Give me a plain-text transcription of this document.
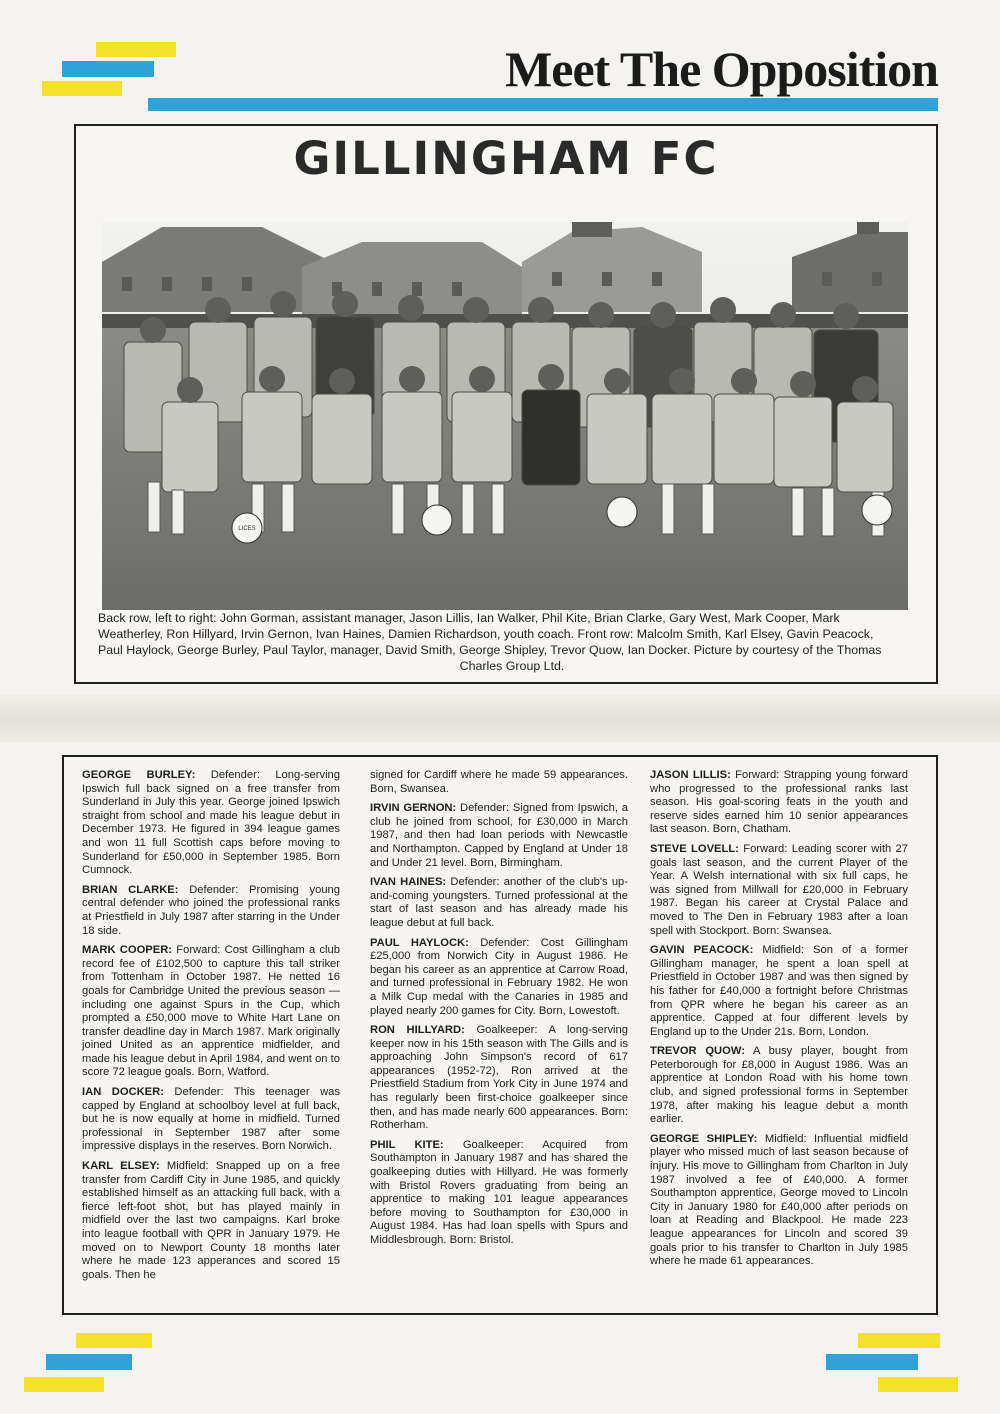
Meet The Opposition
GILLINGHAM FC
LICES
Back row, left to right: John Gorman, assistant manager, Jason Lillis, Ian Walker, Phil Kite, Brian Clarke, Gary West, Mark Cooper, Mark
Weatherley, Ron Hillyard, Irvin Gernon, Ivan Haines, Damien Richardson, youth coach. Front row: Malcolm Smith, Karl Elsey, Gavin Peacock,
Paul Haylock, George Burley, Paul Taylor, manager, David Smith, George Shipley, Trevor Quow, Ian Docker. Picture by courtesy of the Thomas
Charles Group Ltd.

GEORGE BURLEY: Defender: Long-serving Ipswich full back signed on a free transfer from Sunderland in July this year. George joined Ipswich straight from school and made his league debut in December 1973. He figured in 394 league games and won 11 full Scottish caps before moving to Sunderland for £50,000 in September 1985. Born Cumnock.

BRIAN CLARKE: Defender: Promising young central defender who joined the professional ranks at Priestfield in July 1987 after starring in the Under 18 side.

MARK COOPER: Forward: Cost Gillingham a club record fee of £102,500 to capture this tall striker from Tottenham in October 1987. He netted 16 goals for Cambridge United the previous season — including one against Spurs in the Cup, which prompted a £50,000 move to White Hart Lane on transfer deadline day in March 1987. Mark originally joined United as an apprentice midfielder, and made his league debut in April 1984, and went on to score 72 league goals. Born, Watford.

IAN DOCKER: Defender: This teenager was capped by England at schoolboy level at full back, but he is now equally at home in midfield. Turned professional in September 1987 after some impressive displays in the reserves. Born Norwich.

KARL ELSEY: Midfield: Snapped up on a free transfer from Cardiff City in June 1985, and quickly established himself as an attacking full back, with a fierce left-foot shot, but has played mainly in midfield over the last two campaigns. Karl broke into league football with QPR in January 1979. He moved on to Newport County 18 months later where he made 123 apperances and scored 15 goals. Then he

signed for Cardiff where he made 59 appearances. Born, Swansea.

IRVIN GERNON: Defender: Signed from Ipswich, a club he joined from school, for £30,000 in March 1987, and then had loan periods with Newcastle and Northampton. Capped by England at Under 18 and Under 21 level. Born, Birmingham.

IVAN HAINES: Defender: another of the club's up-and-coming youngsters. Turned professional at the start of last season and has already made his league debut at full back.

PAUL HAYLOCK: Defender: Cost Gillingham £25,000 from Norwich City in August 1986. He began his career as an apprentice at Carrow Road, and turned professional in February 1982. He won a Milk Cup medal with the Canaries in 1985 and played nearly 200 games for City. Born, Lowestoft.

RON HILLYARD: Goalkeeper: A long-serving keeper now in his 15th season with The Gills and is approaching John Simpson's record of 617 appearances (1952-72), Ron arrived at the Priestfield Stadium from York City in June 1974 and has regularly been first-choice goalkeeper since then, and has made nearly 600 appearances. Born: Rotherham.

PHIL KITE: Goalkeeper: Acquired from Southampton in January 1987 and has shared the goalkeeping duties with Hillyard. He was formerly with Bristol Rovers graduating from being an apprentice to making 101 league appearances before moving to Southampton for £30,000 in August 1984. Has had loan spells with Spurs and Middlesbrough. Born: Bristol.

JASON LILLIS: Forward: Strapping young forward who progressed to the professional ranks last season. His goal-scoring feats in the youth and reserve sides earned him 10 senior appearances last season. Born, Chatham.

STEVE LOVELL: Forward: Leading scorer with 27 goals last season, and the current Player of the Year. A Welsh international with six full caps, he was signed from Millwall for £20,000 in February 1987. Began his career at Crystal Palace and moved to The Den in February 1983 after a loan spell with Stockport. Born: Swansea.

GAVIN PEACOCK: Midfield: Son of a former Gillingham manager, he spent a loan spell at Priestfield in October 1987 and was then signed by his father for £40,000 a fortnight before Christmas from QPR where he began his career as an apprentice. Capped at four different levels by England up to the Under 21s. Born, London.

TREVOR QUOW: A busy player, bought from Peterborough for £8,000 in August 1986. Was an apprentice at London Road with his home town club, and signed professional forms in September 1978, after making his league debut a month earlier.

GEORGE SHIPLEY: Midfield: Influential midfield player who missed much of last season because of injury. His move to Gillingham from Charlton in July 1987 involved a fee of £40,000. A former Southampton apprentice, George moved to Lincoln City in January 1980 for £40,000 after periods on loan at Reading and Blackpool. He made 223 league appearances for Lincoln and scored 39 goals prior to his transfer to Charlton in July 1985 where he made 61 appearances.
